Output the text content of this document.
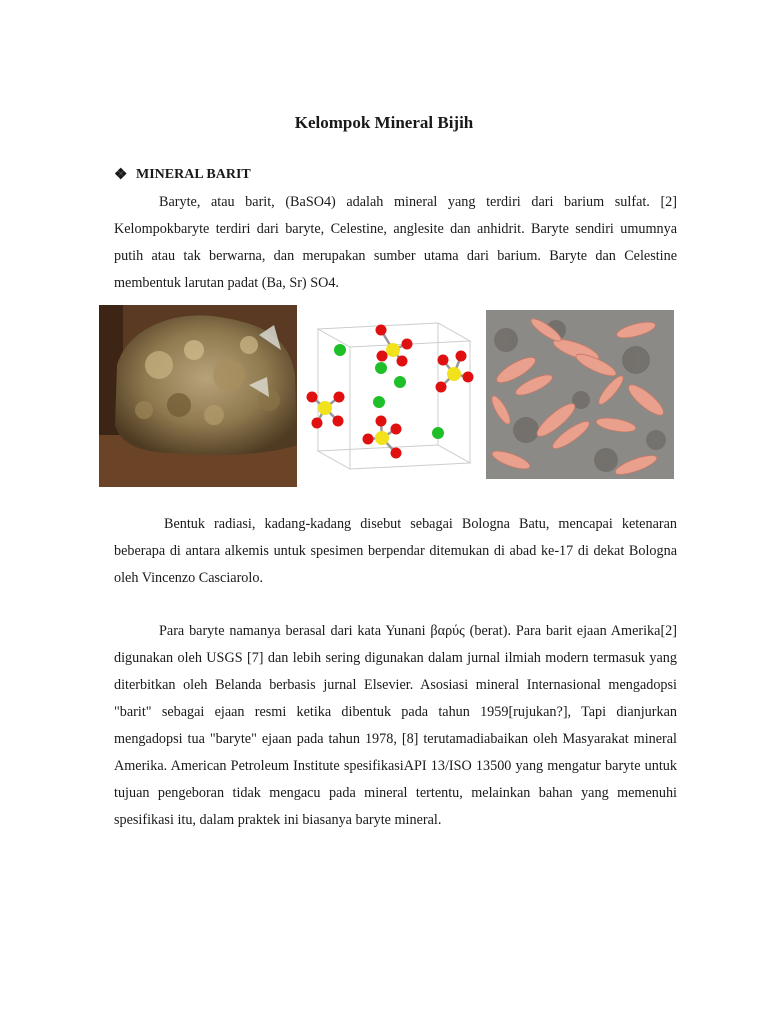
Kelompok Mineral Bijih
❖ MINERAL BARIT

Baryte, atau barit, (BaSO4) adalah mineral yang terdiri dari barium sulfat. [2] Kelompokbaryte terdiri dari baryte, Celestine, anglesite dan anhidrit. Baryte sendiri umumnya putih atau tak berwarna, dan merupakan sumber utama dari barium. Baryte dan Celestine membentuk larutan padat (Ba, Sr) SO4.

Bentuk radiasi, kadang-kadang disebut sebagai Bologna Batu, mencapai ketenaran beberapa di antara alkemis untuk spesimen berpendar ditemukan di abad ke-17 di dekat Bologna oleh Vincenzo Casciarolo.

Para baryte namanya berasal dari kata Yunani βαρύς (berat). Para barit ejaan Amerika[2] digunakan oleh USGS [7] dan lebih sering digunakan dalam jurnal ilmiah modern termasuk yang diterbitkan oleh Belanda berbasis jurnal Elsevier. Asosiasi mineral Internasional mengadopsi "barit" sebagai ejaan resmi ketika dibentuk pada tahun 1959[rujukan?], Tapi dianjurkan mengadopsi tua "baryte" ejaan pada tahun 1978, [8] terutamadiabaikan oleh Masyarakat mineral Amerika. American Petroleum Institute spesifikasiAPI 13/ISO 13500 yang mengatur baryte untuk tujuan pengeboran tidak mengacu pada mineral tertentu, melainkan bahan yang memenuhi spesifikasi itu, dalam praktek ini biasanya baryte mineral.
